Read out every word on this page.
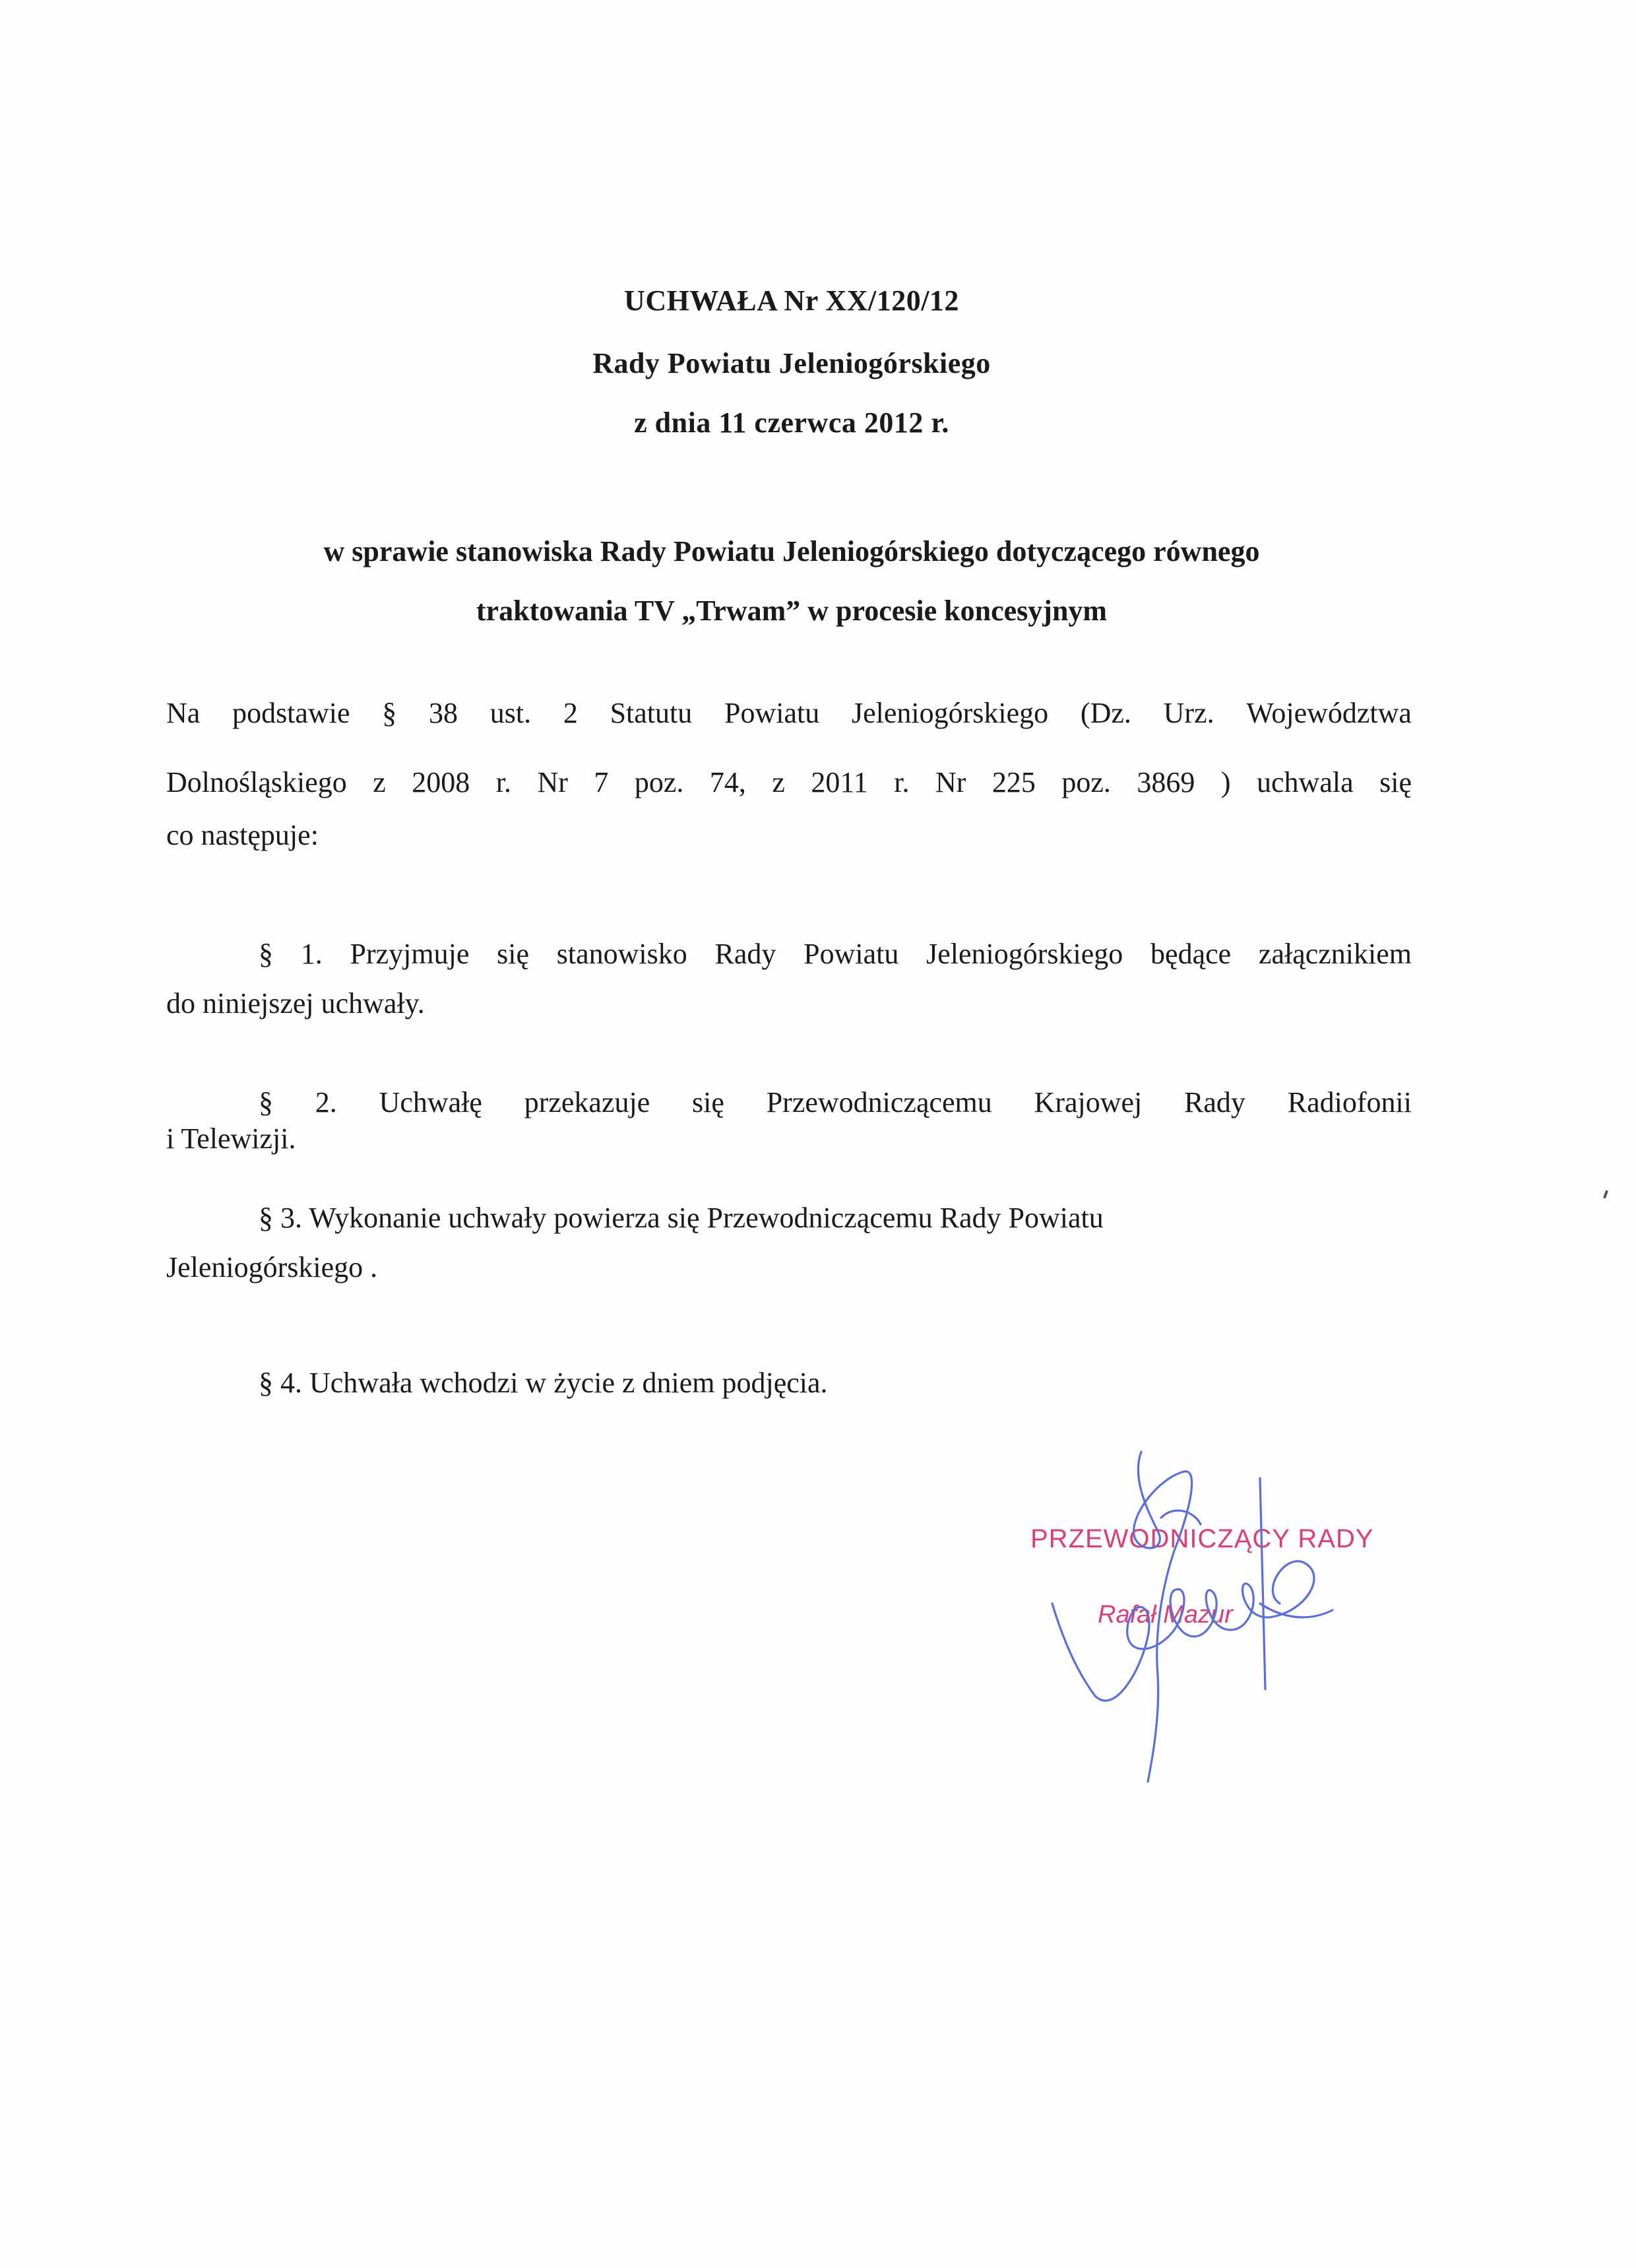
UCHWAŁA Nr XX/120/12
Rady Powiatu Jeleniogórskiego
z dnia 11 czerwca 2012 r.
w sprawie stanowiska Rady Powiatu Jeleniogórskiego dotyczącego równego
traktowania TV „Trwam” w procesie koncesyjnym
Na podstawie § 38 ust. 2 Statutu Powiatu Jeleniogórskiego (Dz. Urz. Województwa
Dolnośląskiego z 2008 r. Nr 7 poz. 74, z 2011 r. Nr 225 poz. 3869 ) uchwala się
co następuje:
§ 1. Przyjmuje się stanowisko Rady Powiatu Jeleniogórskiego będące załącznikiem
do niniejszej uchwały.
§ 2. Uchwałę przekazuje się Przewodniczącemu Krajowej Rady Radiofonii
i Telewizji.
§ 3. Wykonanie uchwały powierza się Przewodniczącemu Rady Powiatu
Jeleniogórskiego .
§ 4. Uchwała wchodzi w życie z dniem podjęcia.
PRZEWODNICZĄCY RADY
Rafał Mazur
